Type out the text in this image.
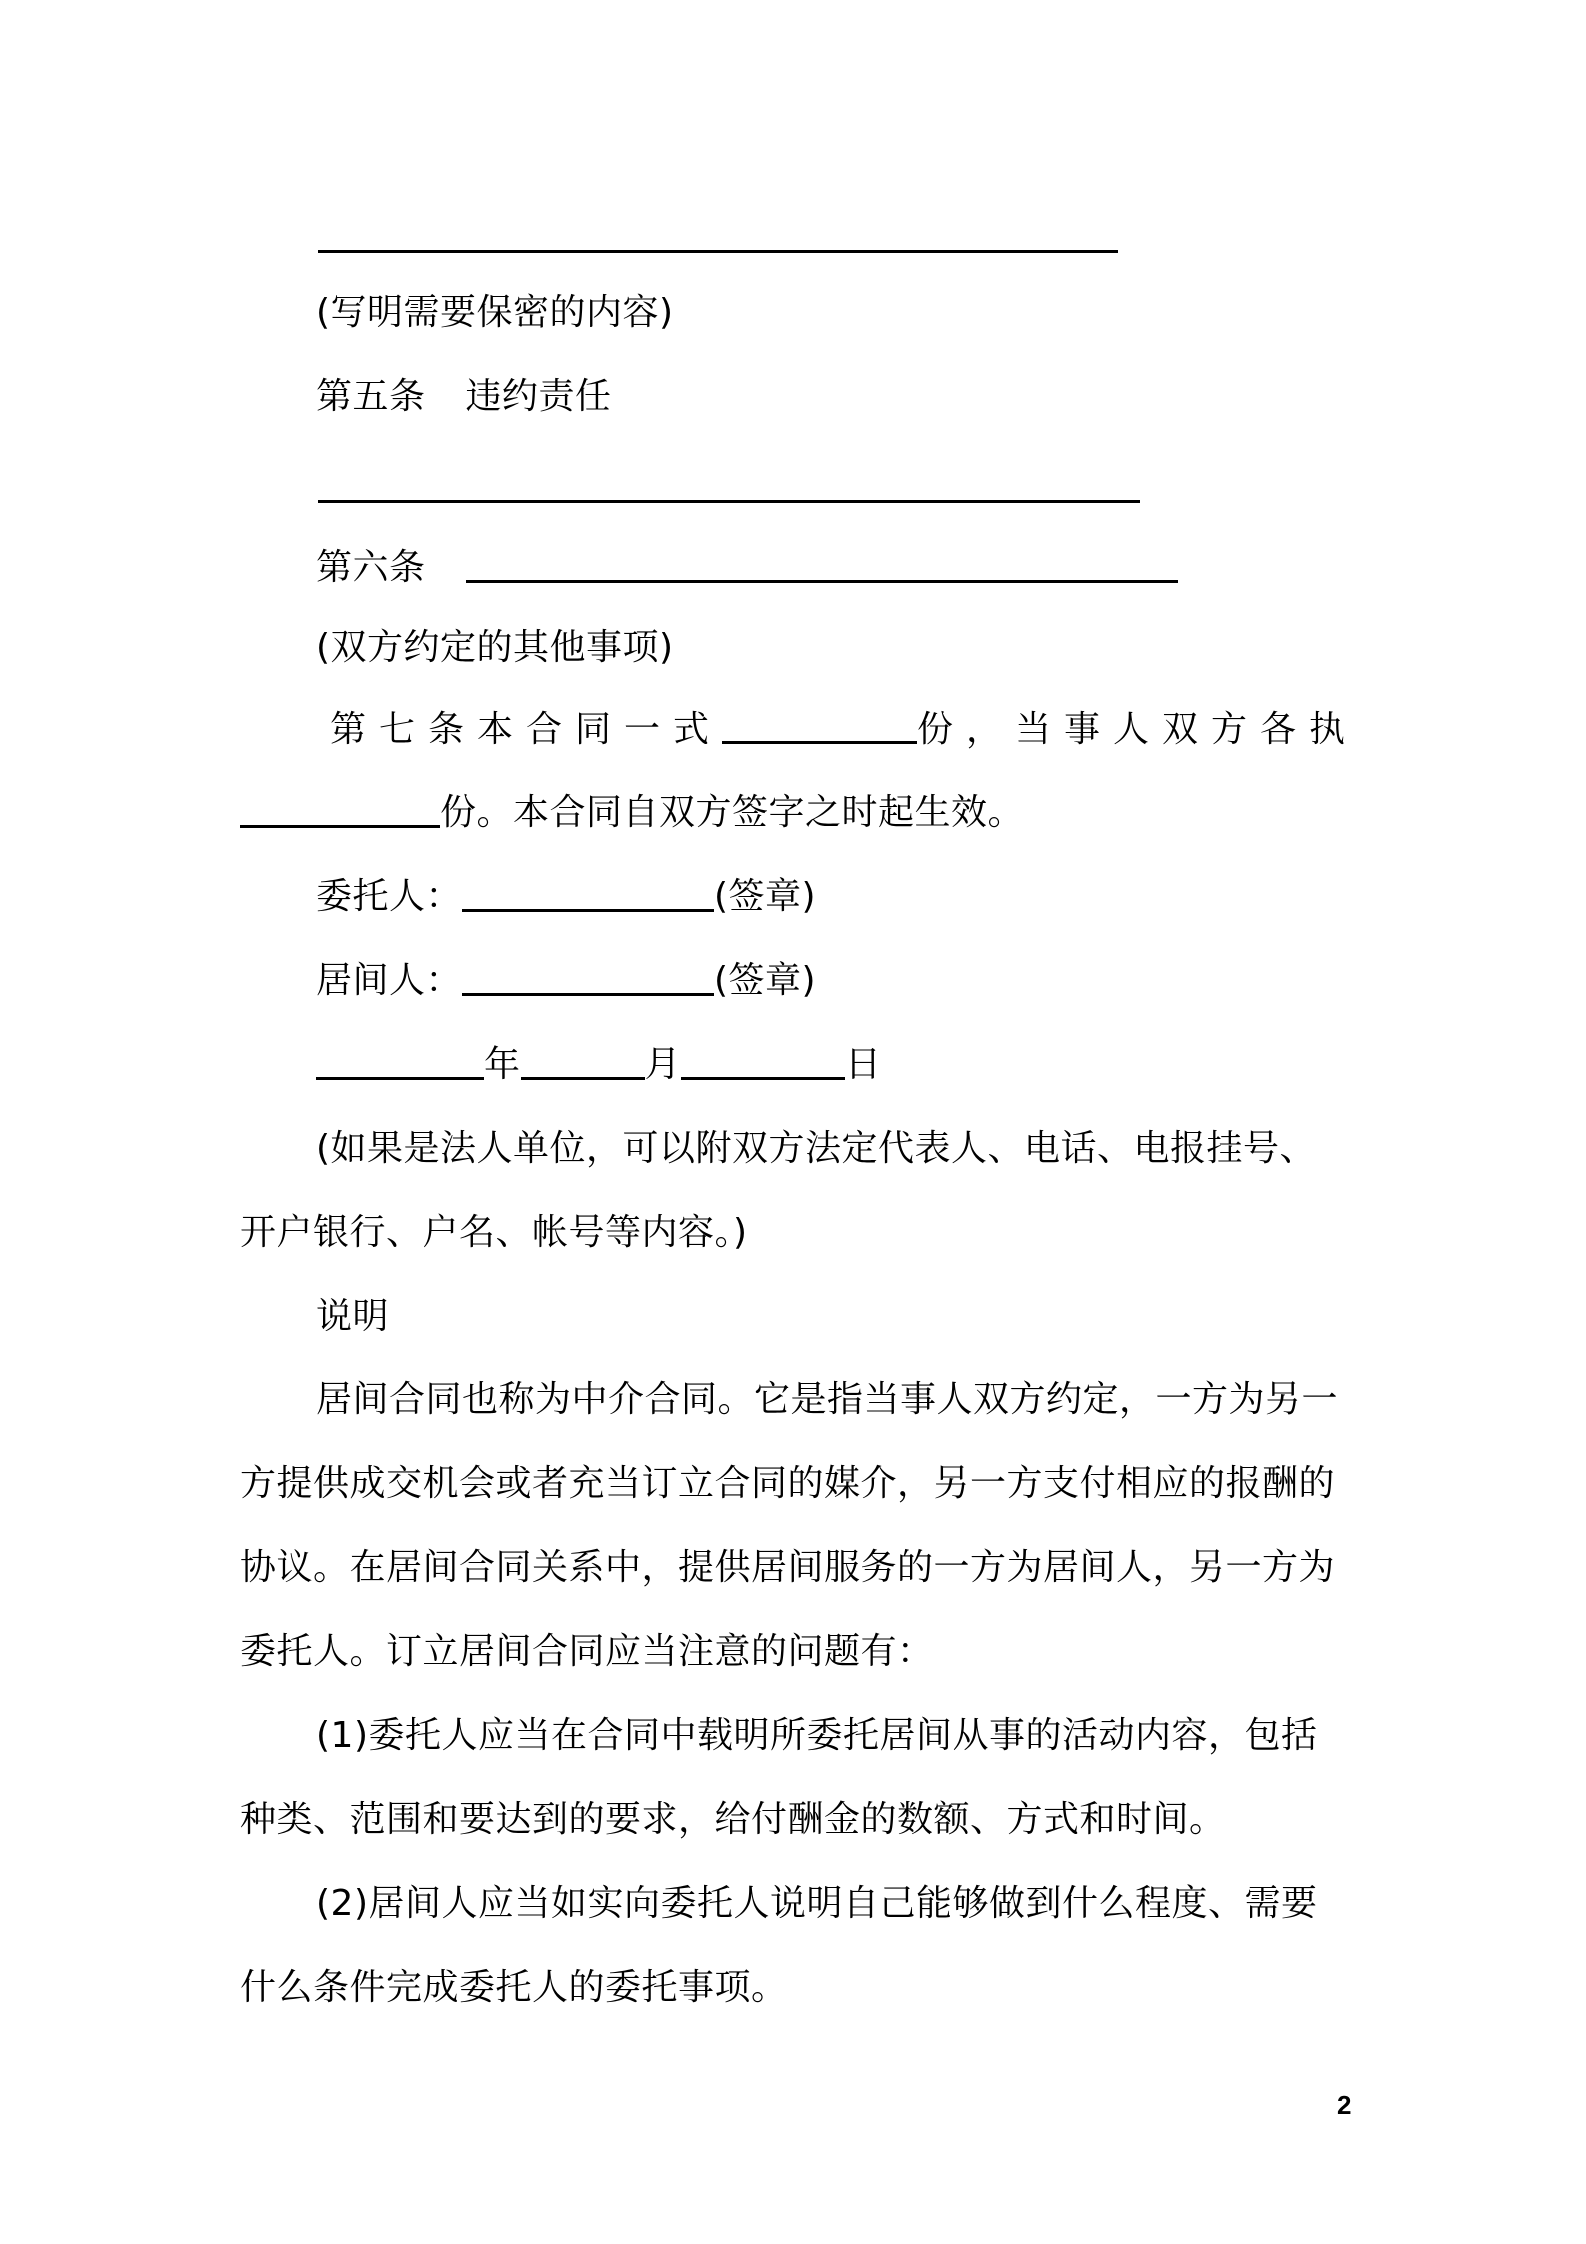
(写明需要保密的内容)
第五条 违约责任
第六条
(双方约定的其他事项)
第七条 本合同一式	份，当事人双方各执
份。本合同自双方签字之时起生效。
委托人：	(签章)
居间人：	(签章)
年	月	日
(如果是法人单位，可以附双方法定代表人、电话、电报挂号、
开户银行、户名、帐号等内容。)
说明
居间合同也称为中介合同。它是指当事人双方约定，一方为另一
方提供成交机会或者充当订立合同的媒介，另一方支付相应的报酬的
协议。在居间合同关系中，提供居间服务的一方为居间人，另一方为
委托人。订立居间合同应当注意的问题有：
(1)委托人应当在合同中载明所委托居间从事的活动内容，包括
种类、范围和要达到的要求，给付酬金的数额、方式和时间。
(2)居间人应当如实向委托人说明自己能够做到什么程度、需要
什么条件完成委托人的委托事项。
2
